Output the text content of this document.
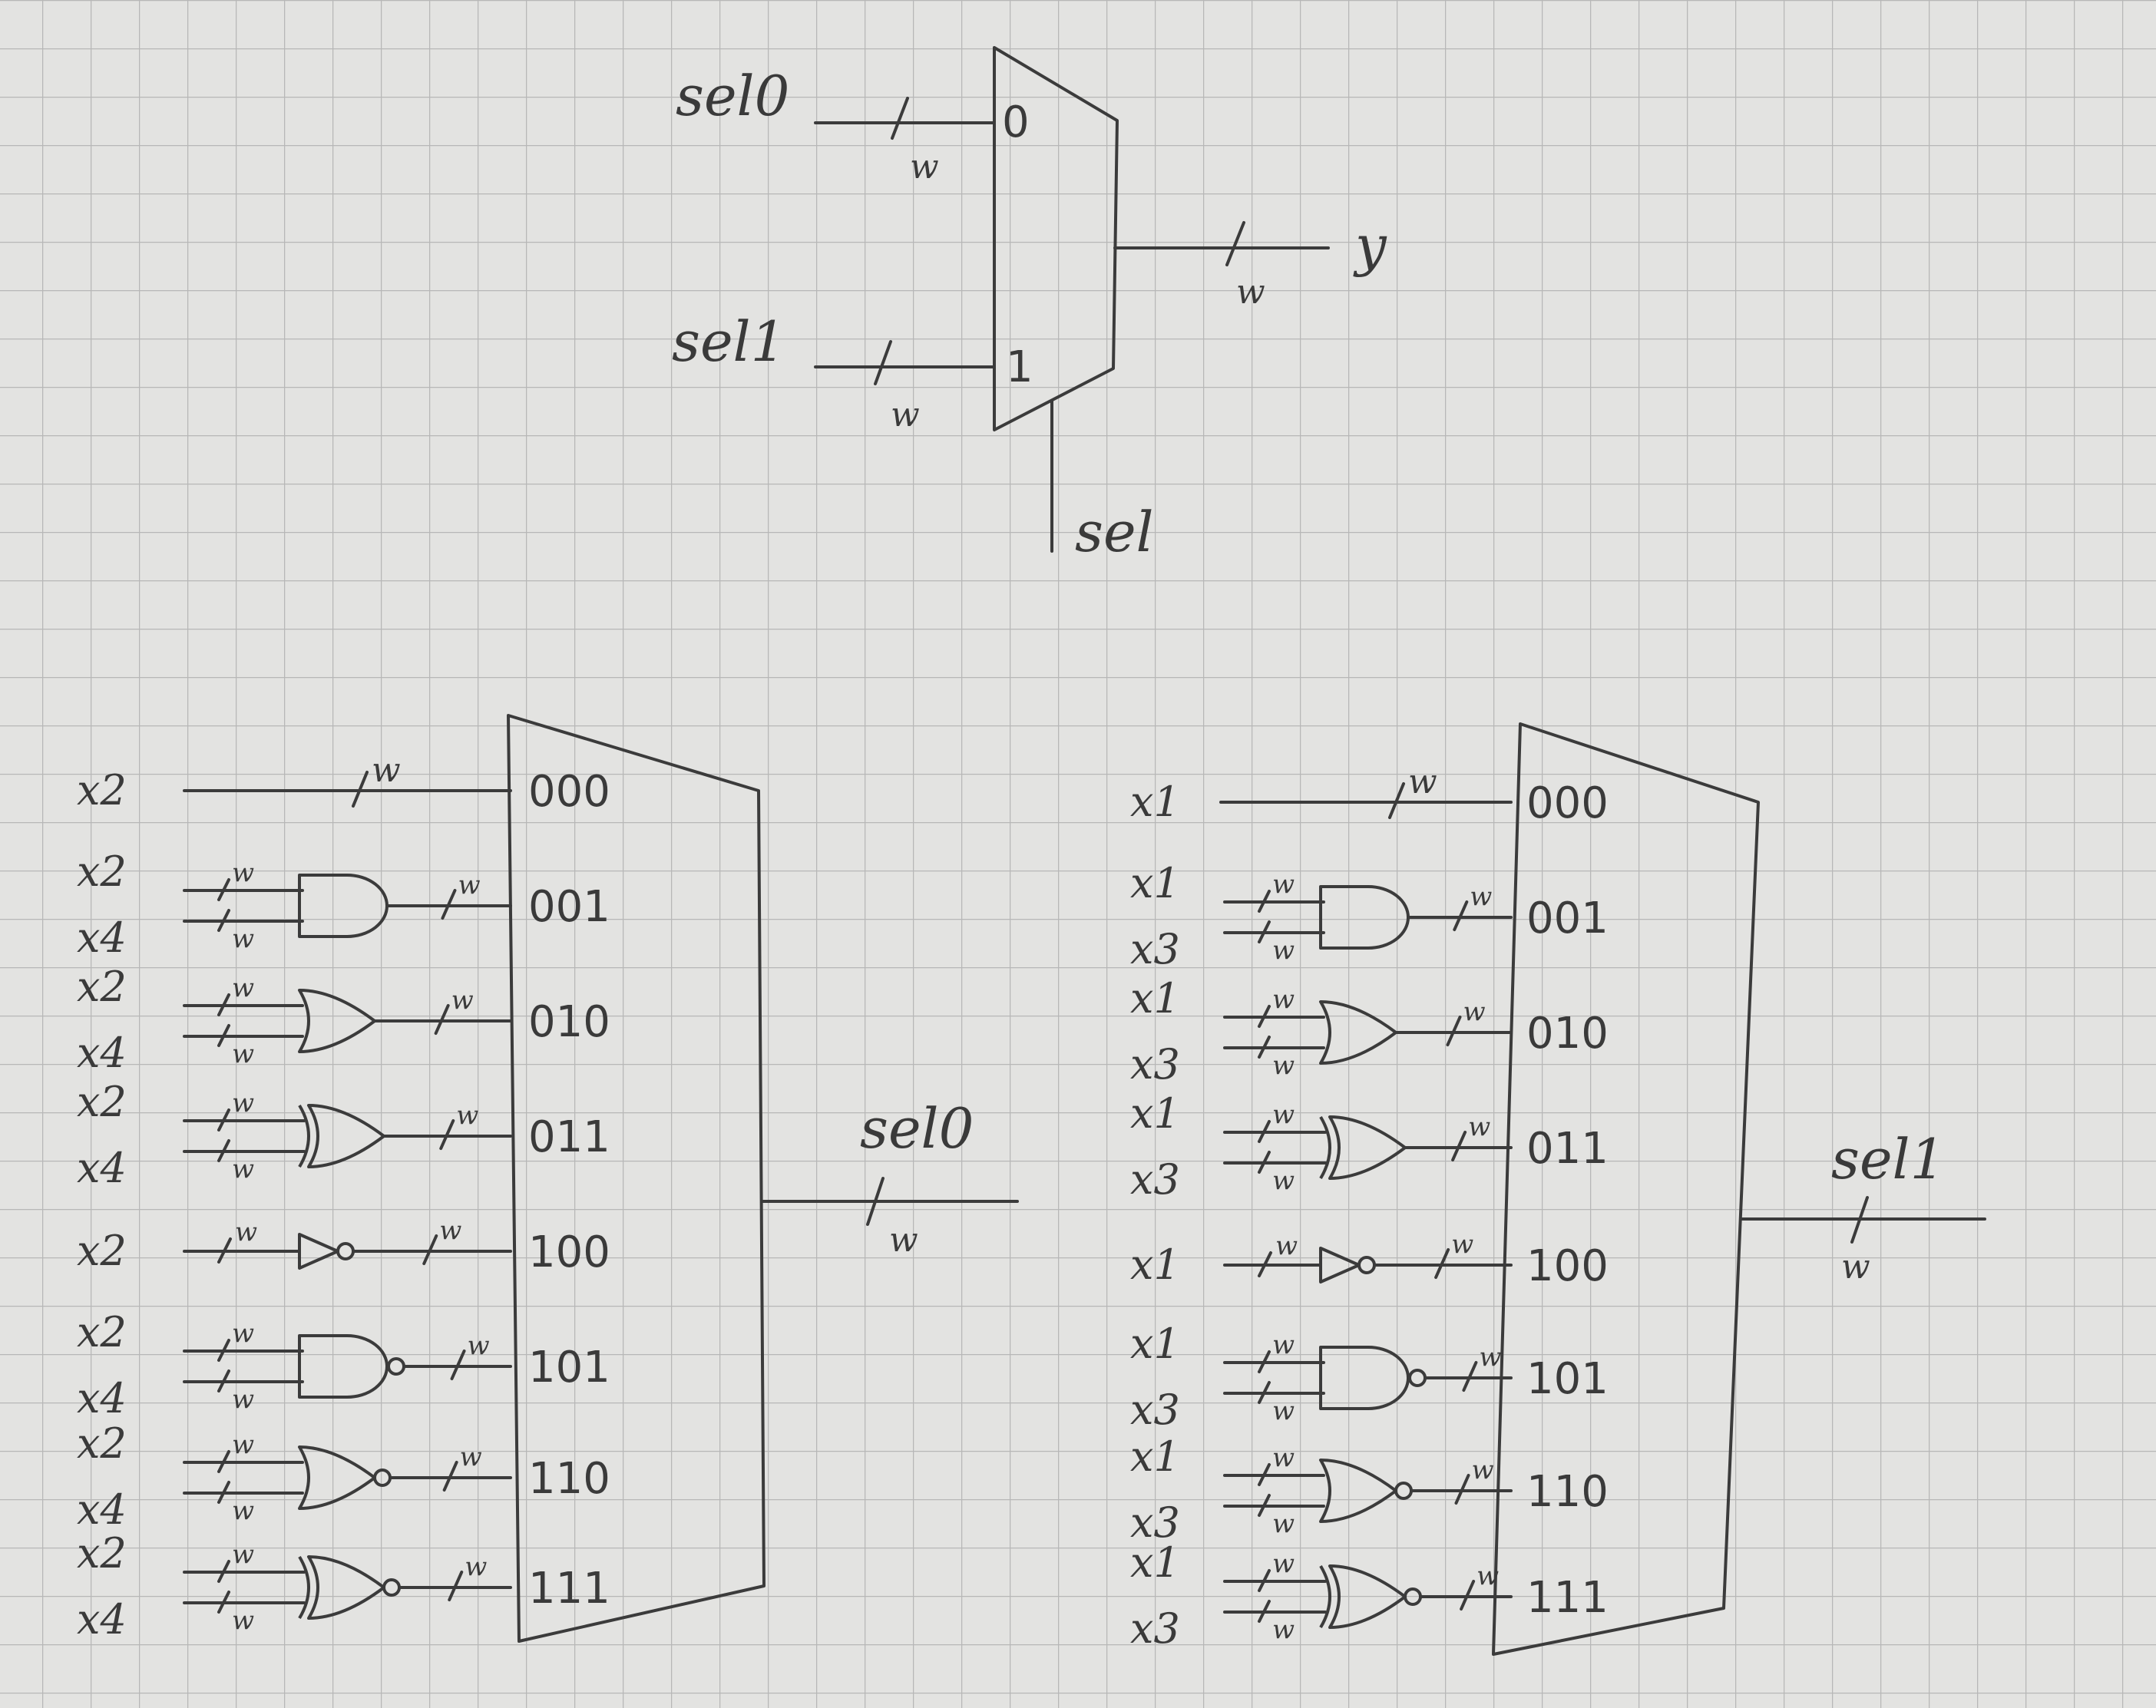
0
1
sel0
w
sel1
w
w
y
sel
000
001
010
011
100
101
110
111
x2	w
x2	w
x4	w
w
x2	w
x4	w
w
x2	w
x4	w
w
x2	w	w
x2	w
x4	w
w
x2	w
x4	w
w
x2	w
x4	w
w
w
sel0
000
001
010
011
100
101
110
111
x1	w
x1	w
x3	w
w
x1	w
x3	w
w
x1	w
x3	w
w
x1	w	w
x1	w
x3	w
w
x1	w
x3	w
w
x1	w
x3	w
w
w
sel1
